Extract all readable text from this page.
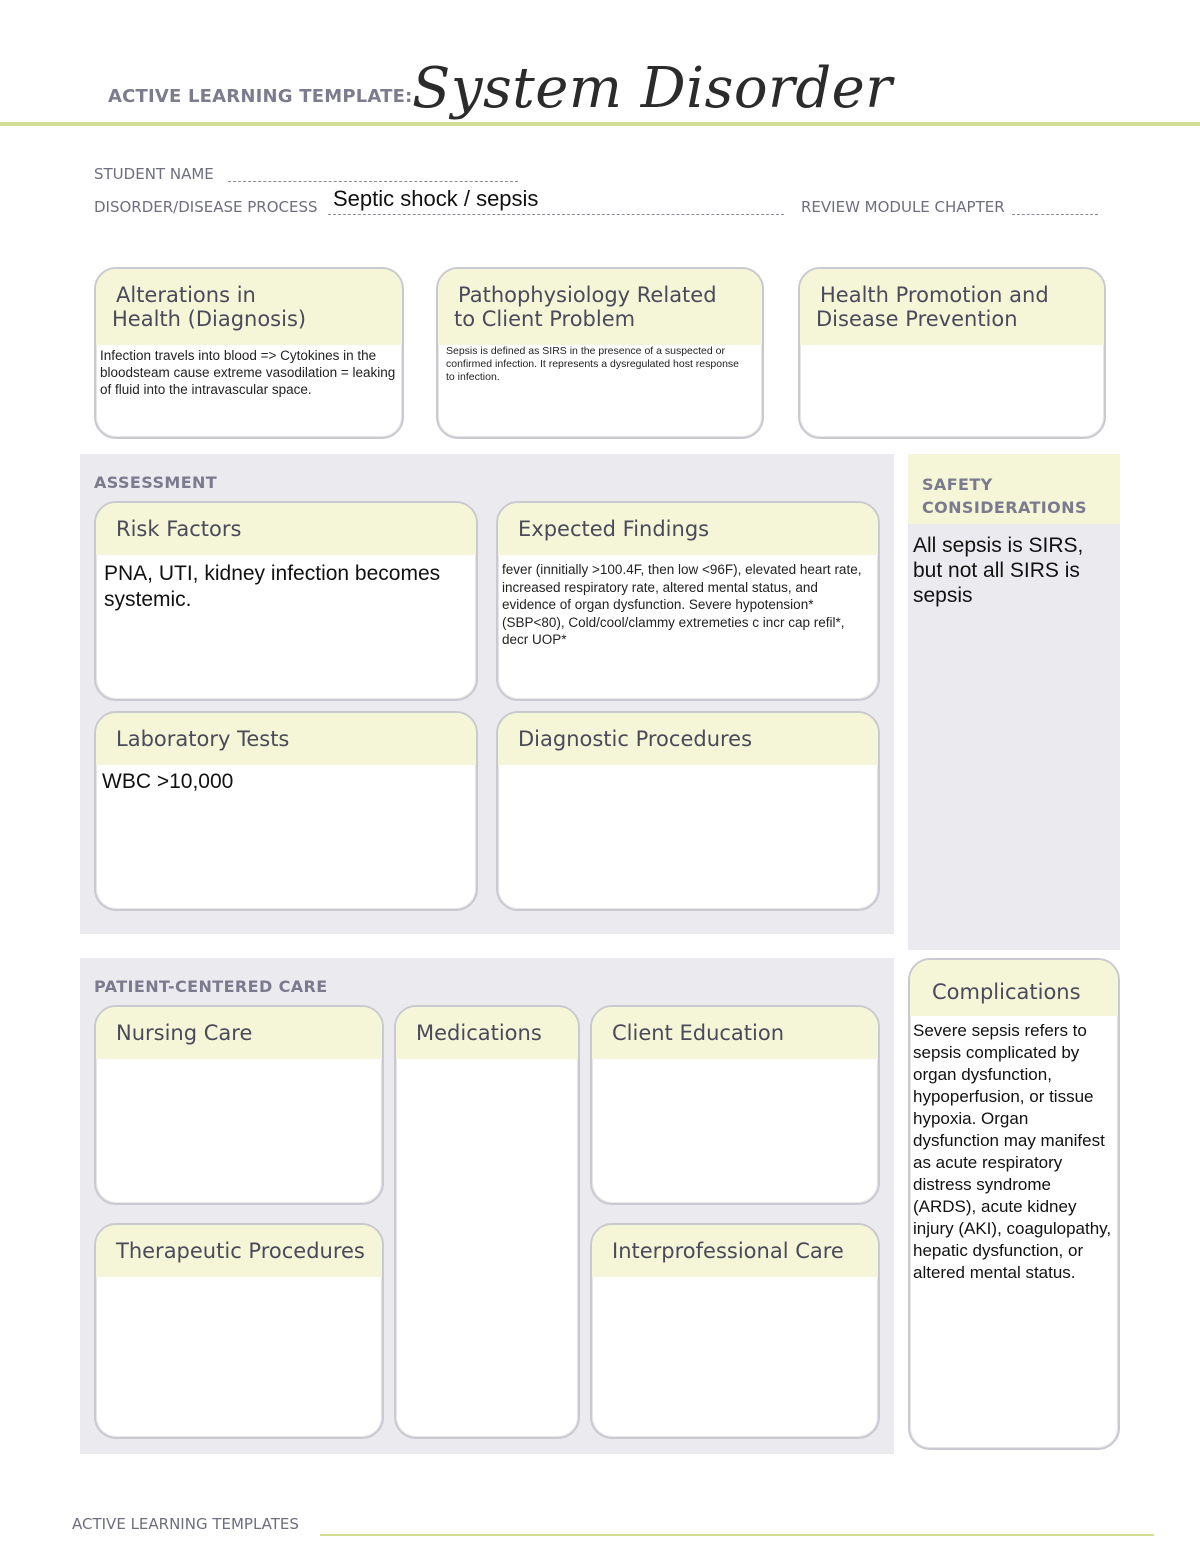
ACTIVE LEARNING TEMPLATE: System Disorder
STUDENT NAME
DISORDER/DISEASE PROCESS Septic shock / sepsis	REVIEW MODULE CHAPTER
Alterations in
Health (Diagnosis)
Infection travels into blood => Cytokines in the bloodsteam cause extreme vasodilation = leaking of fluid into the intravascular space.
Pathophysiology Related
to Client Problem
Sepsis is defined as SIRS in the presence of a suspected or confirmed infection. It represents a dysregulated host response to infection.
Health Promotion and
Disease Prevention
ASSESSMENT
Risk Factors
PNA, UTI, kidney infection becomes systemic.
Expected Findings
fever (innitially >100.4F, then low <96F), elevated heart rate, increased respiratory rate, altered mental status, and evidence of organ dysfunction. Severe hypotension* (SBP<80), Cold/cool/clammy extremeties c incr cap refil*, decr UOP*
Laboratory Tests
WBC >10,000
Diagnostic Procedures
SAFETY
CONSIDERATIONS
All sepsis is SIRS, but not all SIRS is sepsis
PATIENT-CENTERED CARE
Nursing Care	Medications	Client Education
Therapeutic Procedures	Interprofessional Care
Complications
Severe sepsis refers to sepsis complicated by organ dysfunction, hypoperfusion, or tissue hypoxia. Organ dysfunction may manifest as acute respiratory distress syndrome (ARDS), acute kidney injury (AKI), coagulopathy, hepatic dysfunction, or altered mental status.
ACTIVE LEARNING TEMPLATES
